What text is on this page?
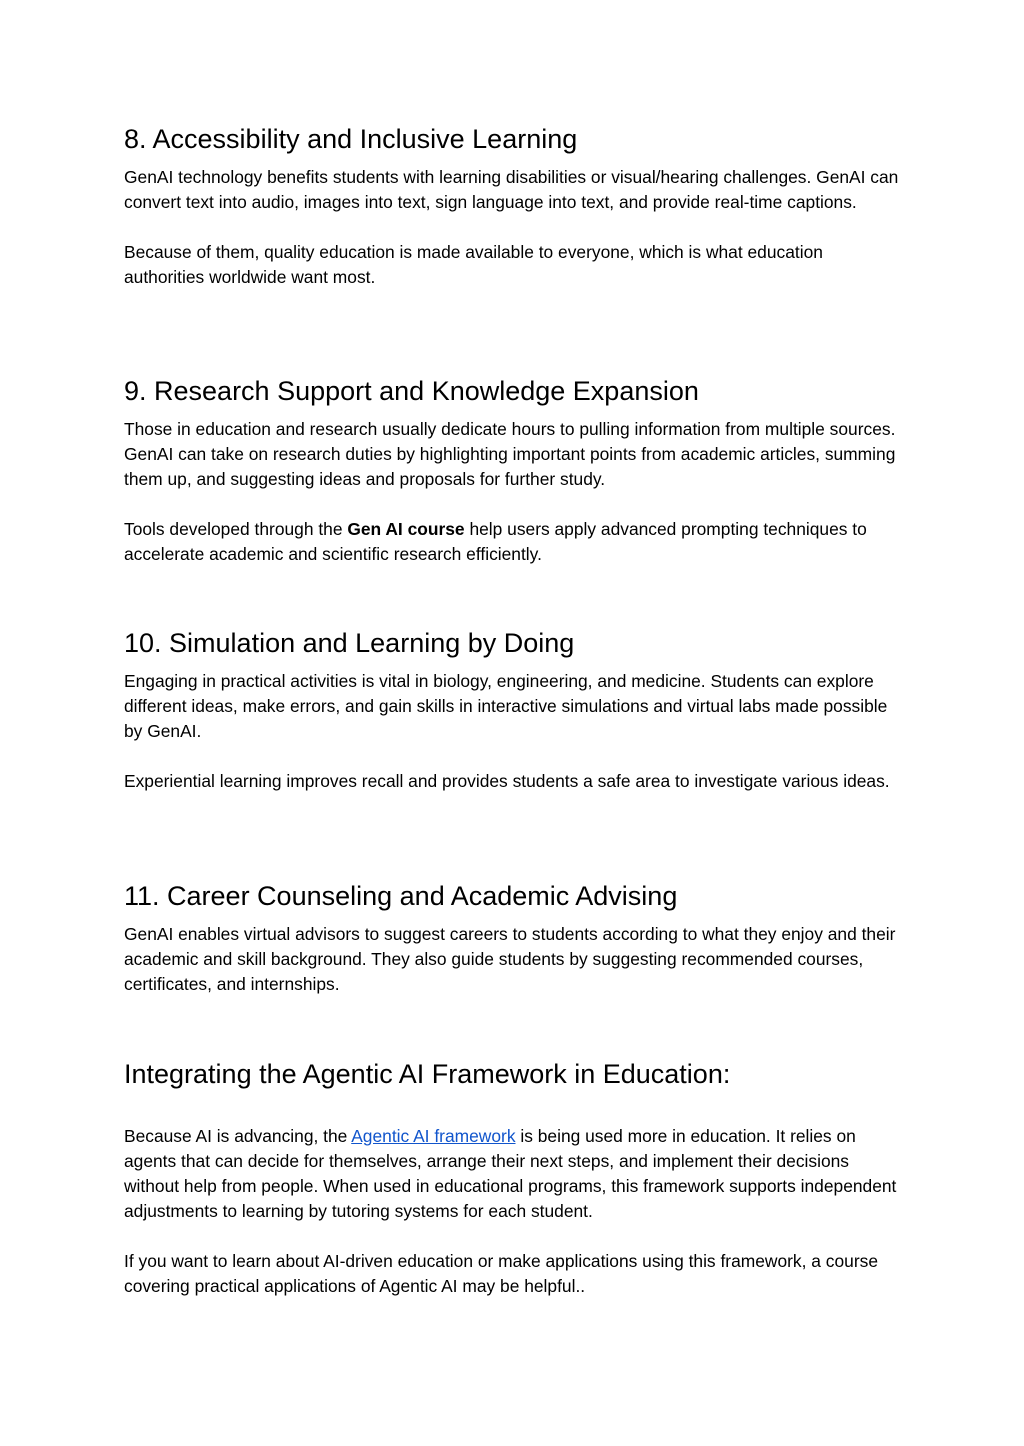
8. Accessibility and Inclusive Learning

GenAI technology benefits students with learning disabilities or visual/hearing challenges. GenAI can convert text into audio, images into text, sign language into text, and provide real-time captions.

Because of them, quality education is made available to everyone, which is what education authorities worldwide want most.

9. Research Support and Knowledge Expansion

Those in education and research usually dedicate hours to pulling information from multiple sources. GenAI can take on research duties by highlighting important points from academic articles, summing them up, and suggesting ideas and proposals for further study.

Tools developed through the Gen AI course help users apply advanced prompting techniques to accelerate academic and scientific research efficiently.

10. Simulation and Learning by Doing

Engaging in practical activities is vital in biology, engineering, and medicine. Students can explore different ideas, make errors, and gain skills in interactive simulations and virtual labs made possible by GenAI.

Experiential learning improves recall and provides students a safe area to investigate various ideas.

11. Career Counseling and Academic Advising

GenAI enables virtual advisors to suggest careers to students according to what they enjoy and their academic and skill background. They also guide students by suggesting recommended courses, certificates, and internships.

Integrating the Agentic AI Framework in Education:

Because AI is advancing, the Agentic AI framework is being used more in education. It relies on agents that can decide for themselves, arrange their next steps, and implement their decisions without help from people. When used in educational programs, this framework supports independent adjustments to learning by tutoring systems for each student.

If you want to learn about AI-driven education or make applications using this framework, a course covering practical applications of Agentic AI may be helpful..
